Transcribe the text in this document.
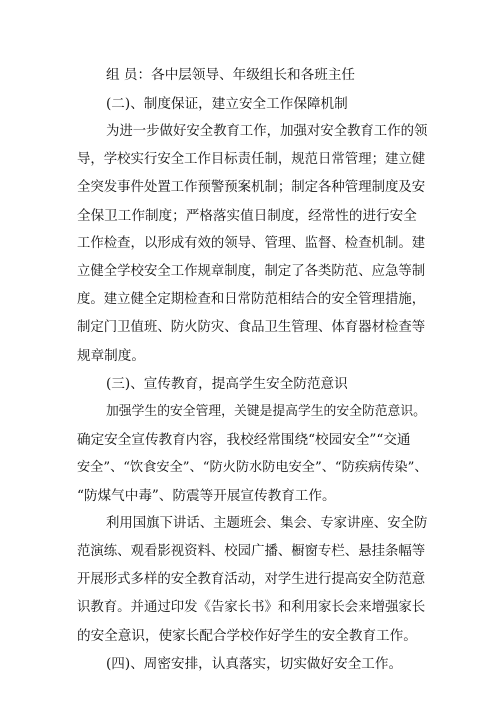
组 员：各中层领导、年级组长和各班主任
(二)、制度保证，建立安全工作保障机制
为进一步做好安全教育工作，加强对安全教育工作的领
导，学校实行安全工作目标责任制，规范日常管理；建立健
全突发事件处置工作预警预案机制；制定各种管理制度及安
全保卫工作制度；严格落实值日制度，经常性的进行安全
工作检查，以形成有效的领导、管理、监督、检查机制。建
立健全学校安全工作规章制度，制定了各类防范、应急等制
度。建立健全定期检查和日常防范相结合的安全管理措施，
制定门卫值班、防火防灾、食品卫生管理、体育器材检查等
规章制度。
(三)、宣传教育，提高学生安全防范意识
加强学生的安全管理，关键是提高学生的安全防范意识。
确定安全宣传教育内容，我校经常围绕“校园安全”“交通
安全”、“饮食安全”、“防火防水防电安全”、“防疾病传染”、
“防煤气中毒”、防震等开展宣传教育工作。
利用国旗下讲话、主题班会、集会、专家讲座、安全防
范演练、观看影视资料、校园广播、橱窗专栏、悬挂条幅等
开展形式多样的安全教育活动，对学生进行提高安全防范意
识教育。并通过印发《告家长书》和利用家长会来增强家长
的安全意识，使家长配合学校作好学生的安全教育工作。
(四)、周密安排，认真落实，切实做好安全工作。
